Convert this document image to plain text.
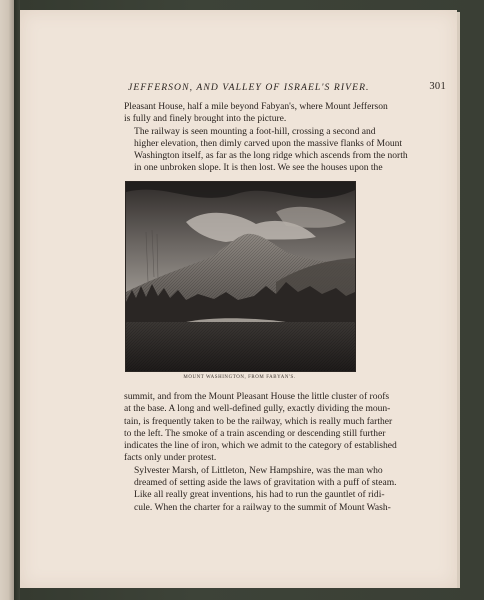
JEFFERSON, AND VALLEY OF ISRAEL'S RIVER.	301

Pleasant House, half a mile beyond Fabyan's, where Mount Jefferson
is fully and finely brought into the picture.

The railway is seen mounting a foot-hill, crossing a second and
higher elevation, then dimly carved upon the massive flanks of Mount
Washington itself, as far as the long ridge which ascends from the north
in one unbroken slope. It is then lost. We see the houses upon the

MOUNT WASHINGTON, FROM FABYAN'S.

summit, and from the Mount Pleasant House the little cluster of roofs
at the base. A long and well-defined gully, exactly dividing the moun-
tain, is frequently taken to be the railway, which is really much farther
to the left. The smoke of a train ascending or descending still further
indicates the line of iron, which we admit to the category of established
facts only under protest.

Sylvester Marsh, of Littleton, New Hampshire, was the man who
dreamed of setting aside the laws of gravitation with a puff of steam.
Like all really great inventions, his had to run the gauntlet of ridi-
cule. When the charter for a railway to the summit of Mount Wash-
